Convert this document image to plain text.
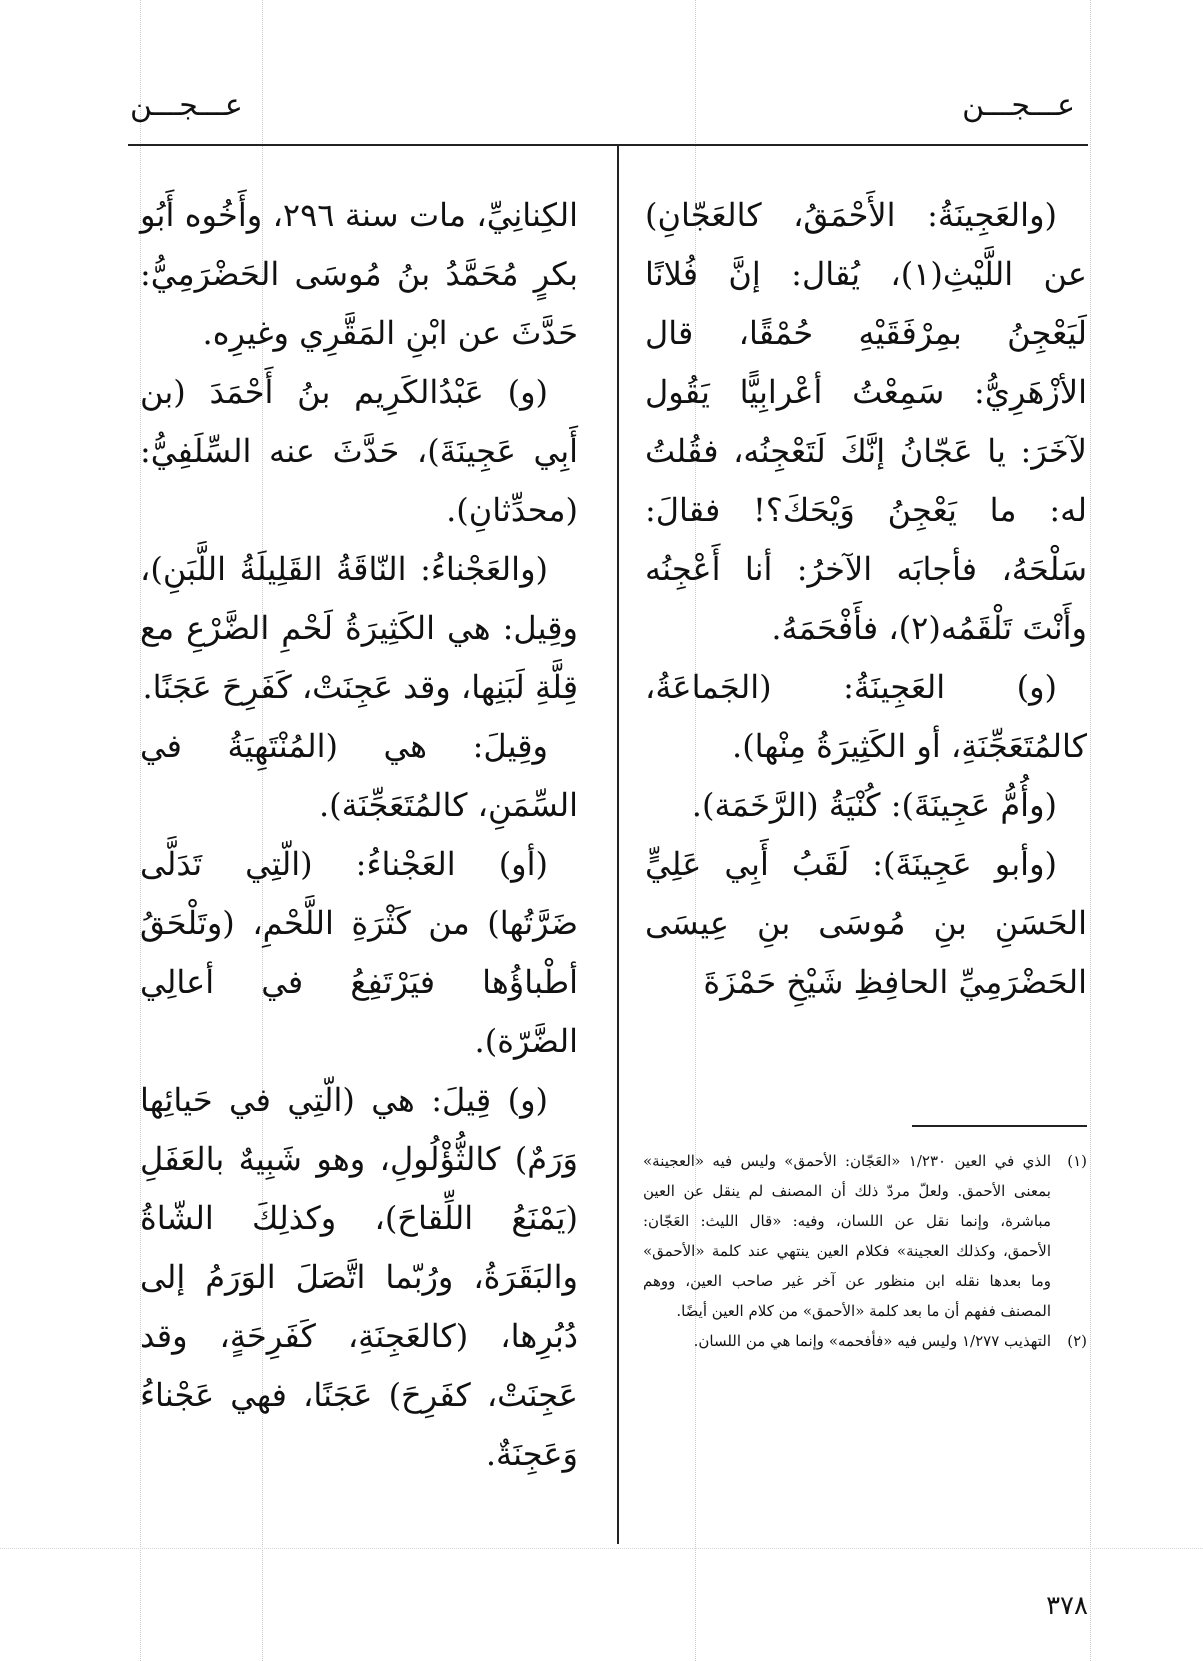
عـــجـــن
عـــجـــن

(والعَجِينَةُ: الأَحْمَقُ، كالعَجّانِ) عن اللَّيْثِ(١)، يُقال: إنَّ فُلانًا لَيَعْجِنُ بمِرْفَقَيْهِ حُمْقًا، قال الأزْهَرِيُّ: سَمِعْتُ أعْرابِيًّا يَقُول لآخَرَ: يا عَجّانُ إنَّكَ لَتَعْجِنُه، فقُلتُ له: ما يَعْجِنُ وَيْحَكَ؟! فقالَ: سَلْحَهُ، فأجابَه الآخرُ: أنا أَعْجِنُه وأَنْتَ تَلْقَمُه(٢)، فأَفْحَمَهُ.

(و) العَجِينَةُ: (الجَماعَةُ، كالمُتَعَجِّنَةِ، أو الكَثِيرَةُ مِنْها).

(وأُمُّ عَجِينَةَ): كُنْيَةُ (الرَّخَمَة).

(وأبو عَجِينَةَ): لَقَبُ أَبِي عَلِيٍّ الحَسَنِ بنِ مُوسَى بنِ عِيسَى الحَضْرَمِيِّ الحافِظِ شَيْخِ حَمْزَةَ

الكِنانِيِّ، مات سنة ٢٩٦، وأَخُوه أَبُو بكرٍ مُحَمَّدُ بنُ مُوسَى الحَضْرَمِيُّ: حَدَّثَ عن ابْنِ المَقَّرِي وغيرِه.

(و) عَبْدُالكَرِيم بنُ أَحْمَدَ (بن أَبِي عَجِينَةَ)، حَدَّثَ عنه السِّلَفِيُّ: (محدِّثانِ).

(والعَجْناءُ: النّاقَةُ القَلِيلَةُ اللَّبَنِ)، وقِيل: هي الكَثِيرَةُ لَحْمِ الضَّرْعِ مع قِلَّةِ لَبَنِها، وقد عَجِنَتْ، كَفَرِحَ عَجَنًا.

وقِيلَ: هي (المُنْتَهِيَةُ في السِّمَنِ، كالمُتَعَجِّنَة).

(أو) العَجْناءُ: (الّتِي تَدَلَّى ضَرَّتُها) من كَثْرَةِ اللَّحْمِ، (وتَلْحَقُ أطْباؤُها فيَرْتَفِعُ في أعالِي الضَّرّة).

(و) قِيلَ: هي (الّتِي في حَيائِها وَرَمٌ) كالثُّؤْلُولِ، وهو شَبِيهٌ بالعَفَلِ (يَمْنَعُ اللِّقاحَ)، وكذلِكَ الشّاةُ والبَقَرَةُ، ورُبّما اتَّصَلَ الوَرَمُ إلى دُبُرِها، (كالعَجِنَةِ، كَفَرِحَةٍ، وقد عَجِنَتْ، كفَرِحَ) عَجَنًا، فهي عَجْناءُ وَعَجِنَةٌ.

(١)
الذي في العين ١/٢٣٠ «العَجّان: الأحمق» وليس فيه «العجينة» بمعنى الأحمق. ولعلّ مردّ ذلك أن المصنف لم ينقل عن العين مباشرة، وإنما نقل عن اللسان، وفيه: «قال الليث: العَجّان: الأحمق، وكذلك العجينة» فكلام العين ينتهي عند كلمة «الأحمق» وما بعدها نقله ابن منظور عن آخر غير صاحب العين، ووهم المصنف ففهم أن ما بعد كلمة «الأحمق» من كلام العين أيضًا.
(٢)
التهذيب ١/٢٧٧ وليس فيه «فأفحمه» وإنما هي من اللسان.
٣٧٨
